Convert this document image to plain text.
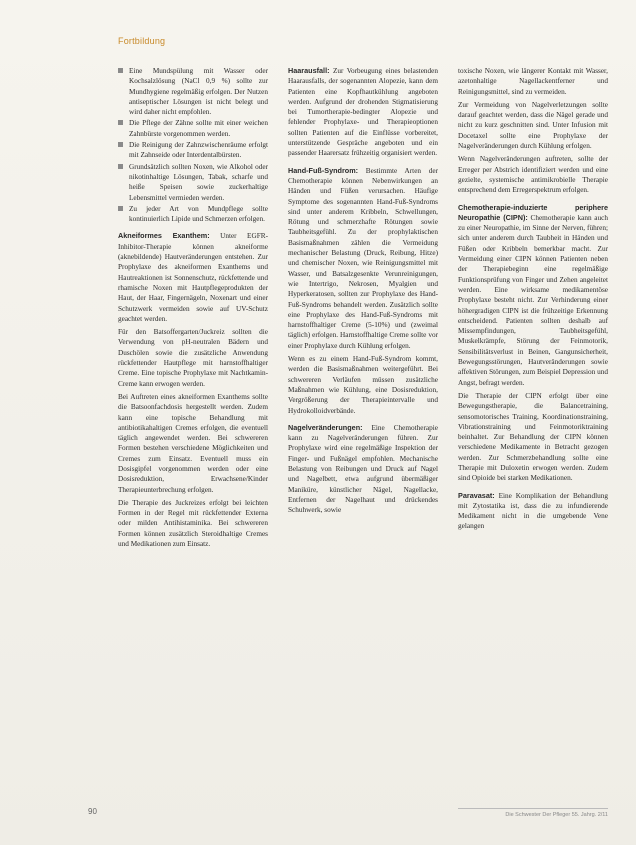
Fortbildung
Eine Mundspülung mit Wasser oder Kochsalzlösung (NaCl 0,9 %) sollte zur Mundhygiene regelmäßig erfolgen. Der Nutzen antiseptischer Lösungen ist nicht belegt und wird daher nicht empfohlen.
Die Pflege der Zähne sollte mit einer weichen Zahnbürste vorgenommen werden.
Die Reinigung der Zahnzwischenräume erfolgt mit Zahnseide oder Interdentalbürsten.
Grundsätzlich sollten Noxen, wie Alkohol oder nikotinhaltige Lösungen, Tabak, scharfe und heiße Speisen sowie zuckerhaltige Lebensmittel vermieden werden.
Zu jeder Art von Mundpflege sollte kontinuierlich Lipide und Schmerzen erfolgen.

Akneiformes Exanthem: Unter EGFR-Inhibitor-Therapie können akneiforme (aknebildende) Hautveränderungen entstehen. Zur Prophylaxe des akneiformen Exanthems und Hautreaktionen ist Sonnenschutz, rückfettende und rhamische Noxen mit Hautpflegeprodukten der Haut, der Haar, Fingernägeln, Noxenart und einer Schutzwerk vermeiden sowie auf UV-Schutz geachtet werden.

Für den Batsoffergarten/Juckreiz sollten die Verwendung von pH-neutralen Bädern und Duschölen sowie die zusätzliche Anwendung rückfettender Hautpflege mit harnstoffhaltiger Creme. Eine topische Prophylaxe mit Nachtkamin-Creme kann erwogen werden.

Bei Auftreten eines akneiformen Exanthems sollte die Batsoonfachdosis hergestellt werden. Zudem kann eine topische Behandlung mit antibiotikahaltigen Cremes erfolgen, die eventuell täglich angewendet werden. Bei schwereren Formen bestehen verschiedene Möglichkeiten und Cremes zum Einsatz. Eventuell muss ein Dosisgipfel vorgenommen werden oder eine Dosisreduktion, Erwachsene/Kinder Therapieunterbrechung erfolgen.

Die Therapie des Juckreizes erfolgt bei leichten Formen in der Regel mit rückfettender Externa oder milden Antihistaminika. Bei schwereren Formen können zusätzlich Steroidhaltige Cremes und Medikationen zum Einsatz.

Haarausfall: Zur Vorbeugung eines belastenden Haarausfalls, der sogenannten Alopezie, kann dem Patienten eine Kopfhautkühlung angeboten werden. Aufgrund der drohenden Stigmatisierung bei Tumortherapie-bedingter Alopezie und fehlender Prophylaxe- und Therapieoptionen sollten Patienten auf die Einflüsse vorbereitet, unterstützende Gespräche angeboten und ein passender Haarersatz frühzeitig organisiert werden.

Hand-Fuß-Syndrom: Bestimmte Arten der Chemotherapie können Nebenwirkungen an Händen und Füßen verursachen. Häufige Symptome des sogenannten Hand-Fuß-Syndroms sind unter anderem Kribbeln, Schwellungen, Rötung und schmerzhafte Rötungen sowie Taubheitsgefühl. Zu der prophylaktischen Basismaßnahmen zählen die Vermeidung mechanischer Belastung (Druck, Reibung, Hitze) und chemischer Noxen, wie Reinigungsmittel mit Wasser, und Batsalzgesenkte Verunreinigungen, wie Intertrigo, Nekrosen, Myalgien und Hyperkeratosen, sollten zur Prophylaxe des Hand-Fuß-Syndroms behandelt werden. Zusätzlich sollte eine Prophylaxe des Hand-Fuß-Syndroms mit harnstoffhaltiger Creme (5-10%) und (zweimal täglich) erfolgen. Harnstoffhaltige Creme sollte vor einer Prophylaxe durch Kühlung erfolgen.

Wenn es zu einem Hand-Fuß-Syndrom kommt, werden die Basismaßnahmen weitergeführt. Bei schwereren Verläufen müssen zusätzliche Maßnahmen wie Kühlung, eine Dosisreduktion, Vergrößerung der Therapieintervalle und Hydrokolloidverbände.

Nagelveränderungen: Eine Chemotherapie kann zu Nagelveränderungen führen. Zur Prophylaxe wird eine regelmäßige Inspektion der Finger- und Fußnägel empfohlen. Mechanische Belastung von Reibungen und Druck auf Nagel und Nagelbett, etwa aufgrund übermäßiger Maniküre, künstlicher Nägel, Nagellacke, Entfernen der Nagelhaut und drückendes Schuhwerk, sowie

toxische Noxen, wie längerer Kontakt mit Wasser, azetonhaltige Nagellackentferner und Reinigungsmittel, sind zu vermeiden.

Zur Vermeidung von Nagelverletzungen sollte darauf geachtet werden, dass die Nägel gerade und nicht zu kurz geschnitten sind. Unter Infusion mit Docetaxel sollte eine Prophylaxe der Nagelveränderungen durch Kühlung erfolgen.

Wenn Nagelveränderungen auftreten, sollte der Erreger per Abstrich identifiziert werden und eine gezielte, systemische antimikrobielle Therapie entsprechend dem Erregerspektrum erfolgen.

Chemotherapie-induzierte periphere Neuropathie (CIPN): Chemotherapie kann auch zu einer Neuropathie, im Sinne der Nerven, führen; sich unter anderem durch Taubheit in Händen und Füßen oder Kribbeln bemerkbar macht. Zur Vermeidung einer CIPN können Patienten neben der Therapiebeginn eine regelmäßige Funktionsprüfung von Finger und Zehen angeleitet werden. Eine wirksame medikamentöse Prophylaxe besteht nicht. Zur Verhinderung einer höhergradigen CIPN ist die frühzeitige Erkennung entscheidend. Patienten sollten deshalb auf Missempfindungen, Taubheitsgefühl, Muskelkrämpfe, Störung der Feinmotorik, Sensibilitätsverlust in Beinen, Gangunsicherheit, Bewegungsstörungen, Hautveränderungen sowie affektiven Störungen, zum Beispiel Depression und Angst, befragt werden.

Die Therapie der CIPN erfolgt über eine Bewegungstherapie, die Balancetraining, sensomotorisches Training, Koordinationstraining, Vibrationstraining und Feinmotoriktraining beinhaltet. Zur Behandlung der CIPN können verschiedene Medikamente in Betracht gezogen werden. Zur Schmerzbehandlung sollte eine Therapie mit Duloxetin erwogen werden. Zudem sind Opioide bei starken Medikationen.

Paravasat: Eine Komplikation der Behandlung mit Zytostatika ist, dass die zu infundierende Medikament nicht in die umgebende Vene gelangen

90	Die Schwester Der Pfleger 55. Jahrg. 2/11
